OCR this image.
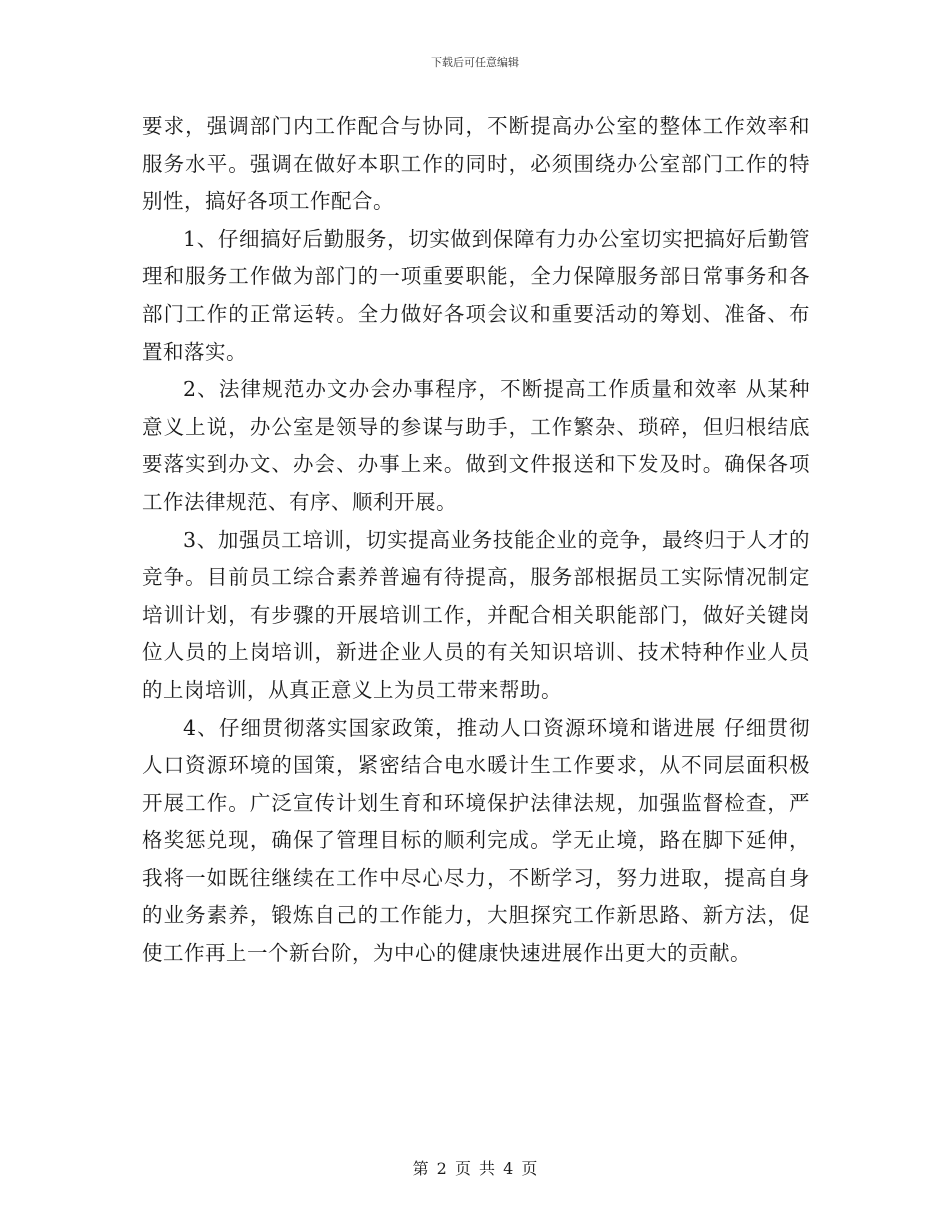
下载后可任意编辑

要求，强调部门内工作配合与协同，不断提高办公室的整体工作效率和服务水平。强调在做好本职工作的同时，必须围绕办公室部门工作的特别性，搞好各项工作配合。

1、仔细搞好后勤服务，切实做到保障有力办公室切实把搞好后勤管理和服务工作做为部门的一项重要职能，全力保障服务部日常事务和各部门工作的正常运转。全力做好各项会议和重要活动的筹划、准备、布置和落实。

2、法律规范办文办会办事程序，不断提高工作质量和效率 从某种意义上说，办公室是领导的参谋与助手，工作繁杂、琐碎，但归根结底要落实到办文、办会、办事上来。做到文件报送和下发及时。确保各项工作法律规范、有序、顺利开展。

3、加强员工培训，切实提高业务技能企业的竞争，最终归于人才的竞争。目前员工综合素养普遍有待提高，服务部根据员工实际情况制定培训计划，有步骤的开展培训工作，并配合相关职能部门，做好关键岗位人员的上岗培训，新进企业人员的有关知识培训、技术特种作业人员的上岗培训，从真正意义上为员工带来帮助。

4、仔细贯彻落实国家政策，推动人口资源环境和谐进展 仔细贯彻人口资源环境的国策，紧密结合电水暖计生工作要求，从不同层面积极开展工作。广泛宣传计划生育和环境保护法律法规，加强监督检查，严格奖惩兑现，确保了管理目标的顺利完成。学无止境，路在脚下延伸，我将一如既往继续在工作中尽心尽力，不断学习，努力进取，提高自身的业务素养，锻炼自己的工作能力，大胆探究工作新思路、新方法，促使工作再上一个新台阶，为中心的健康快速进展作出更大的贡献。

第 2 页 共 4 页
